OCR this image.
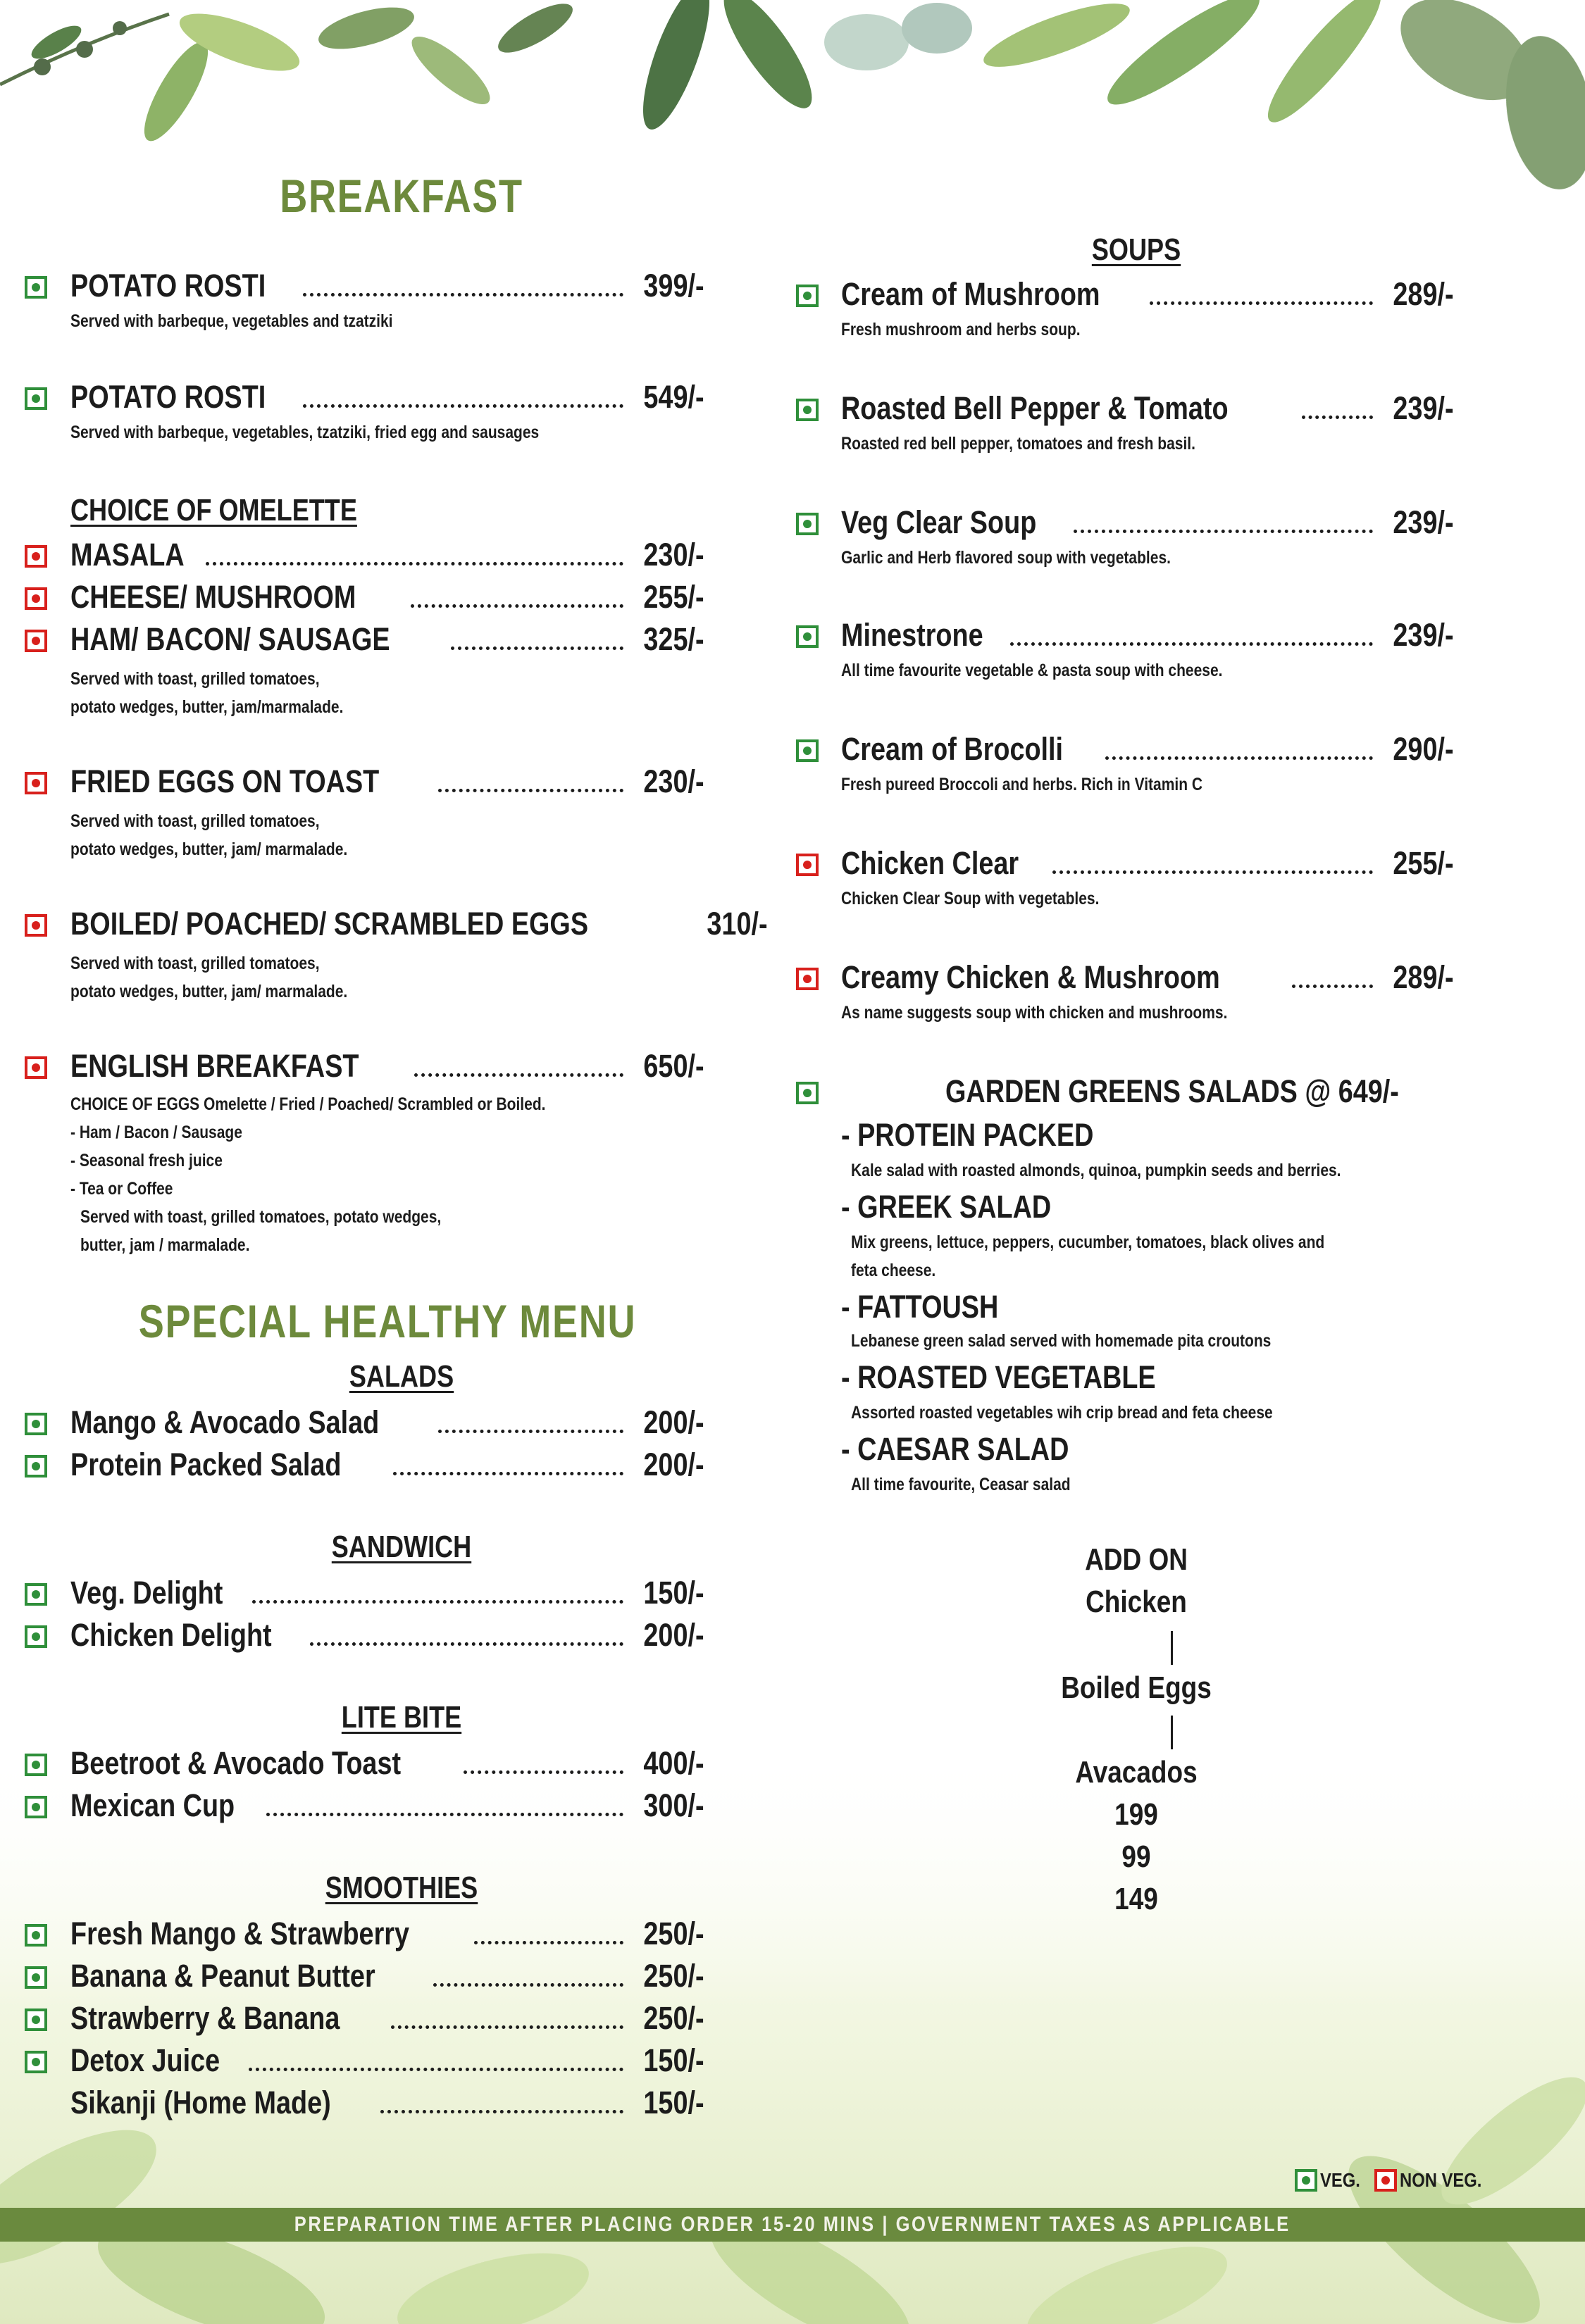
BREAKFAST
POTATO ROSTI	399/-
Served with barbeque, vegetables and tzatziki
POTATO ROSTI	549/-
Served with barbeque, vegetables, tzatziki, fried egg and sausages
CHOICE OF OMELETTE
MASALA	230/-
CHEESE/ MUSHROOM	255/-
HAM/ BACON/ SAUSAGE	325/-
Served with toast, grilled tomatoes,
potato wedges, butter, jam/marmalade.
FRIED EGGS ON TOAST	230/-
Served with toast, grilled tomatoes,
potato wedges, butter, jam/ marmalade.
BOILED/ POACHED/ SCRAMBLED EGGS	310/-
Served with toast, grilled tomatoes,
potato wedges, butter, jam/ marmalade.
ENGLISH BREAKFAST	650/-
CHOICE OF EGGS Omelette / Fried / Poached/ Scrambled or Boiled.
- Ham / Bacon / Sausage
- Seasonal fresh juice
- Tea or Coffee
Served with toast, grilled tomatoes, potato wedges,
butter, jam / marmalade.
SPECIAL HEALTHY MENU
SALADS
Mango & Avocado Salad	200/-
Protein Packed Salad	200/-
SANDWICH
Veg. Delight	150/-
Chicken Delight	200/-
LITE BITE
Beetroot & Avocado Toast	400/-
Mexican Cup	300/-
SMOOTHIES
Fresh Mango & Strawberry	250/-
Banana & Peanut Butter	250/-
Strawberry & Banana	250/-
Detox Juice	150/-
Sikanji (Home Made)	150/-
SOUPS
Cream of Mushroom	289/-
Fresh mushroom and herbs soup.
Roasted Bell Pepper & Tomato	239/-
Roasted red bell pepper, tomatoes and fresh basil.
Veg Clear Soup	239/-
Garlic and Herb flavored soup with vegetables.
Minestrone	239/-
All time favourite vegetable & pasta soup with cheese.
Cream of Brocolli	290/-
Fresh pureed Broccoli and herbs. Rich in Vitamin C
Chicken Clear	255/-
Chicken Clear Soup with vegetables.
Creamy Chicken & Mushroom	289/-
As name suggests soup with chicken and mushrooms.
GARDEN GREENS SALADS @ 649/-
- PROTEIN PACKED
Kale salad with roasted almonds, quinoa, pumpkin seeds and berries.
- GREEK SALAD
Mix greens, lettuce, peppers, cucumber, tomatoes, black olives and
feta cheese.
- FATTOUSH
Lebanese green salad served with homemade pita croutons
- ROASTED VEGETABLE
Assorted roasted vegetables wih crip bread and feta cheese
- CAESAR SALAD
All time favourite, Ceasar salad
ADD ON
Chicken
Boiled Eggs
Avacados
199
99
149
VEG. NON VEG.
PREPARATION TIME AFTER PLACING ORDER 15-20 MINS | GOVERNMENT TAXES AS APPLICABLE
